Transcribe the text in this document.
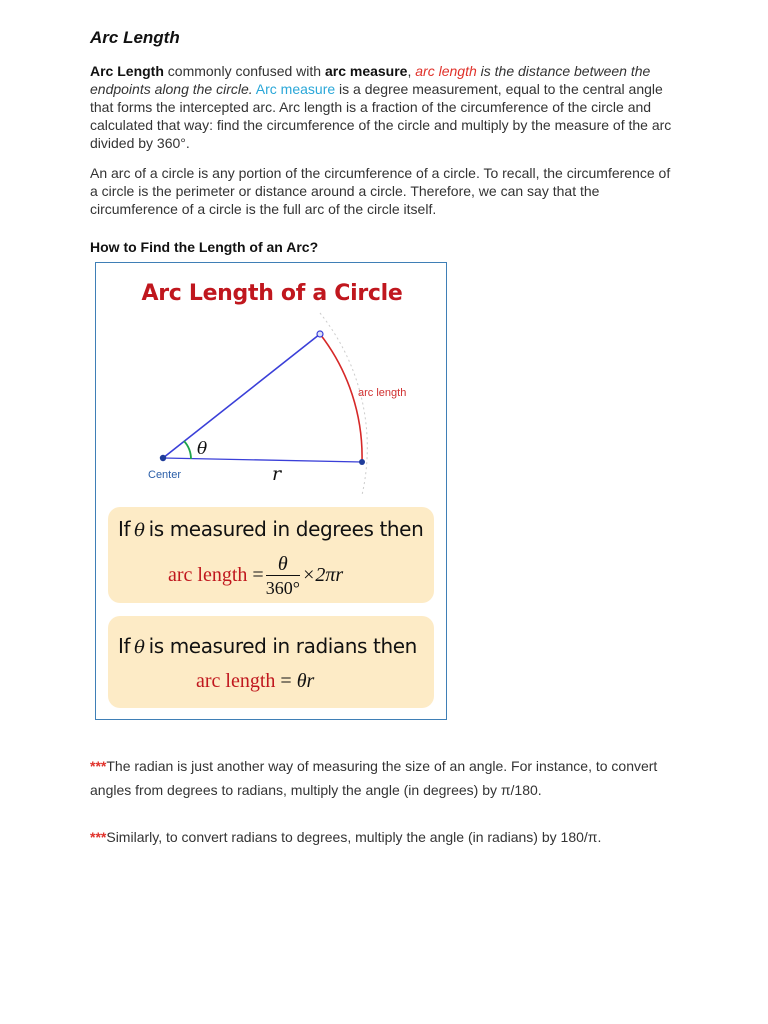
Arc Length

Arc Length commonly confused with arc measure, arc length is the distance between the endpoints along the circle. Arc measure is a degree measurement, equal to the central angle that forms the intercepted arc. Arc length is a fraction of the circumference of the circle and calculated that way: find the circumference of the circle and multiply by the measure of the arc divided by 360°.

An arc of a circle is any portion of the circumference of a circle. To recall, the circumference of a circle is the perimeter or distance around a circle. Therefore, we can say that the circumference of a circle is the full arc of the circle itself.

How to Find the Length of an Arc?
Arc Length of a Circle
arc length
Center	r
θ
If θ is measured in degrees then
arc length = $\frac{\theta}{360^\circ} \times 2\pi r$
If θ is measured in radians then
arc length = θr

***The radian is just another way of measuring the size of an angle. For instance, to convert angles from degrees to radians, multiply the angle (in degrees) by π/180.

***Similarly, to convert radians to degrees, multiply the angle (in radians) by 180/π.
